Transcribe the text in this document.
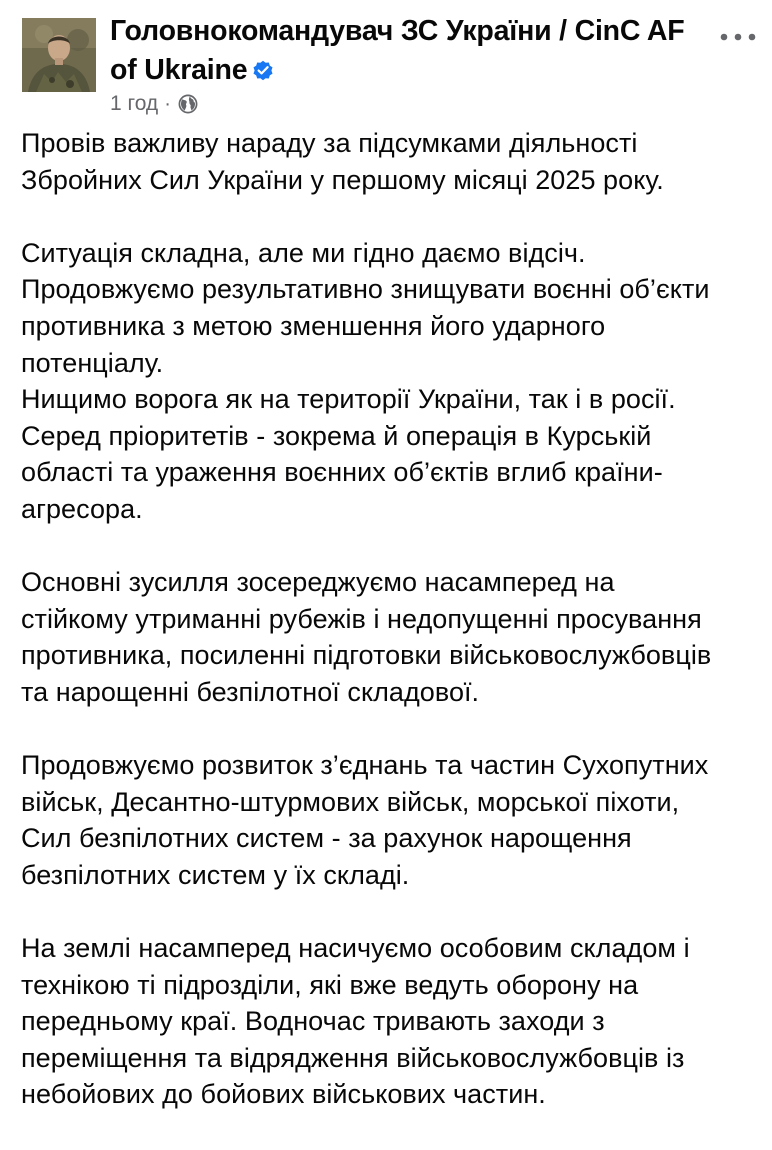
Головнокомандувач ЗС України / CinC AF of Ukraine
1 год ·

Провів важливу нараду за підсумками діяльності
Збройних Сил України у першому місяці 2025 року.

Ситуація складна, але ми гідно даємо відсіч.
Продовжуємо результативно знищувати воєнні об’єкти
противника з метою зменшення його ударного
потенціалу.
Нищимо ворога як на території України, так і в росії.
Серед пріоритетів - зокрема й операція в Курській
області та ураження воєнних об’єктів вглиб країни-
агресора.

Основні зусилля зосереджуємо насамперед на
стійкому утриманні рубежів і недопущенні просування
противника, посиленні підготовки військовослужбовців
та нарощенні безпілотної складової.

Продовжуємо розвиток з’єднань та частин Сухопутних
військ, Десантно-штурмових військ, морської піхоти,
Сил безпілотних систем - за рахунок нарощення
безпілотних систем у їх складі.

На землі насамперед насичуємо особовим складом і
технікою ті підрозділи, які вже ведуть оборону на
передньому краї. Водночас тривають заходи з
переміщення та відрядження військовослужбовців із
небойових до бойових військових частин.
